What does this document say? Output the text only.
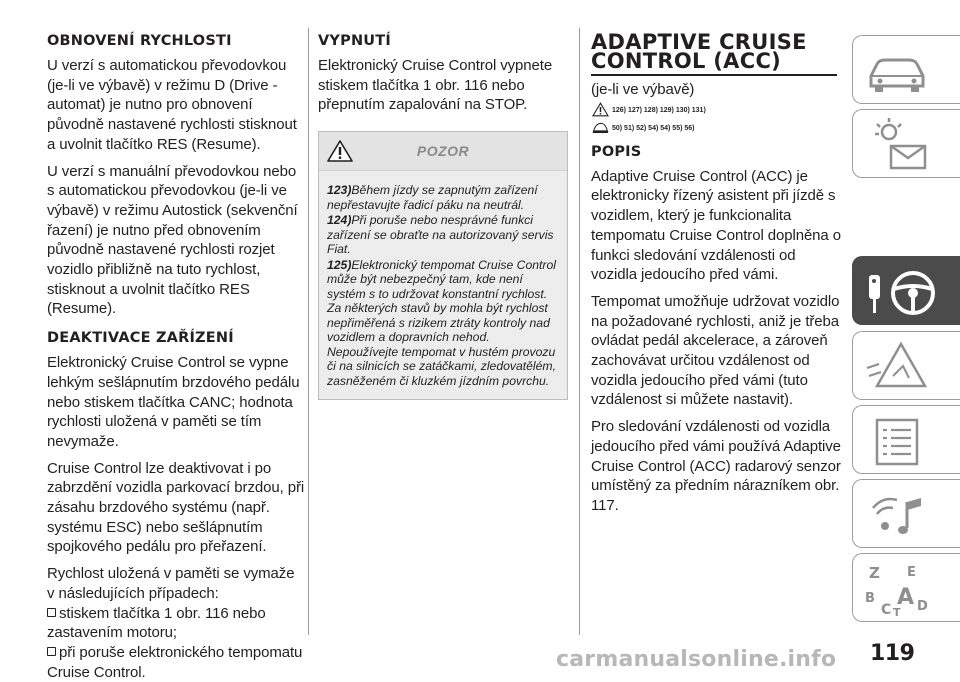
OBNOVENÍ RYCHLOSTI
U verzí s automatickou převodovkou (je-li ve výbavě) v režimu D (Drive - automat) je nutno pro obnovení původně nastavené rychlosti stisknout a uvolnit tlačítko RES (Resume).
U verzí s manuální převodovkou nebo s automatickou převodovkou (je-li ve výbavě) v režimu Autostick (sekvenční řazení) je nutno před obnovením původně nastavené rychlosti rozjet vozidlo přibližně na tuto rychlost, stisknout a uvolnit tlačítko RES (Resume).
DEAKTIVACE ZAŘÍZENÍ
Elektronický Cruise Control se vypne lehkým sešlápnutím brzdového pedálu nebo stiskem tlačítka CANC; hodnota rychlosti uložená v paměti se tím nevymaže.
Cruise Control lze deaktivovat i po zabrzdění vozidla parkovací brzdou, při zásahu brzdového systému (např. systému ESC) nebo sešlápnutím spojkového pedálu pro přeřazení.
Rychlost uložená v paměti se vymaže v následujících případech:
stiskem tlačítka 1 obr. 116 nebo zastavením motoru;
při poruše elektronického tempomatu Cruise Control.
VYPNUTÍ
Elektronický Cruise Control vypnete stiskem tlačítka 1 obr. 116 nebo přepnutím zapalování na STOP.
POZOR
123)Během jízdy se zapnutým zařízení nepřestavujte řadicí páku na neutrál.
124)Při poruše nebo nesprávné funkci zařízení se obraťte na autorizovaný servis Fiat.
125)Elektronický tempomat Cruise Control může být nebezpečný tam, kde není systém s to udržovat konstantní rychlost. Za některých stavů by mohla být rychlost nepřiměřená s rizikem ztráty kontroly nad vozidlem a dopravních nehod. Nepoužívejte tempomat v hustém provozu či na silnicích se zatáčkami, zledovatělém, zasněženém či kluzkém jízdním povrchu.
ADAPTIVE CRUISE
CONTROL (ACC)
(je-li ve výbavě)
126) 127) 128) 129) 130) 131)
50) 51) 52) 54) 54) 55) 56)
POPIS
Adaptive Cruise Control (ACC) je elektronicky řízený asistent při jízdě s vozidlem, který je funkcionalita tempomatu Cruise Control doplněna o funkci sledování vzdálenosti od vozidla jedoucího před vámi.
Tempomat umožňuje udržovat vozidlo na požadované rychlosti, aniž je třeba ovládat pedál akcelerace, a zároveň zachovávat určitou vzdálenost od vozidla jedoucího před vámi (tuto vzdálenost si můžete nastavit).
Pro sledování vzdálenosti od vozidla jedoucího před vámi používá Adaptive Cruise Control (ACC) radarový senzor umístěný za předním nárazníkem obr. 117.
Z E
B A
C T D
119
carmanualsonline.info
